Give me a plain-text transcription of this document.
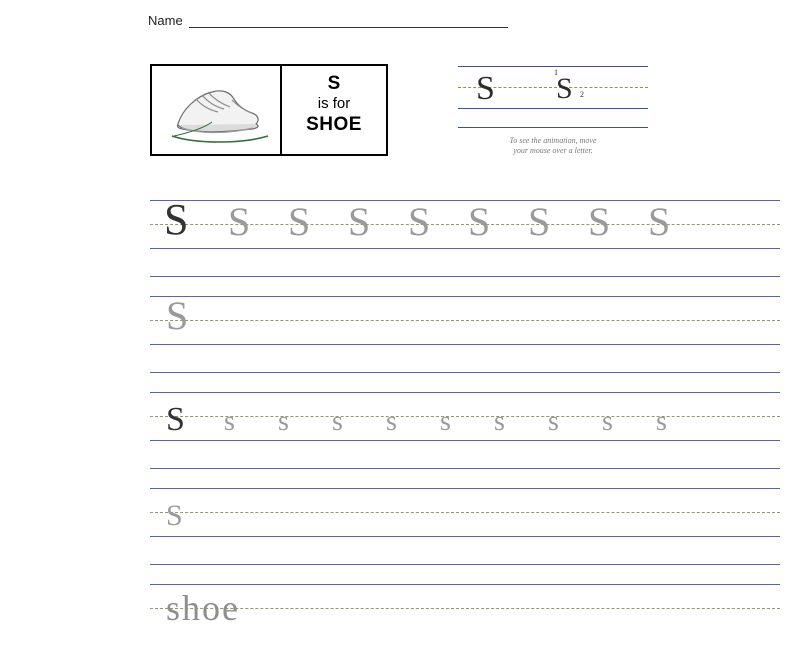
Name
S
is for
SHOE
S S
1
2
To see the animation, move
your mouse over a letter.
S S S S S S S S S
S
S s s s s s s s s s
S
shoe
